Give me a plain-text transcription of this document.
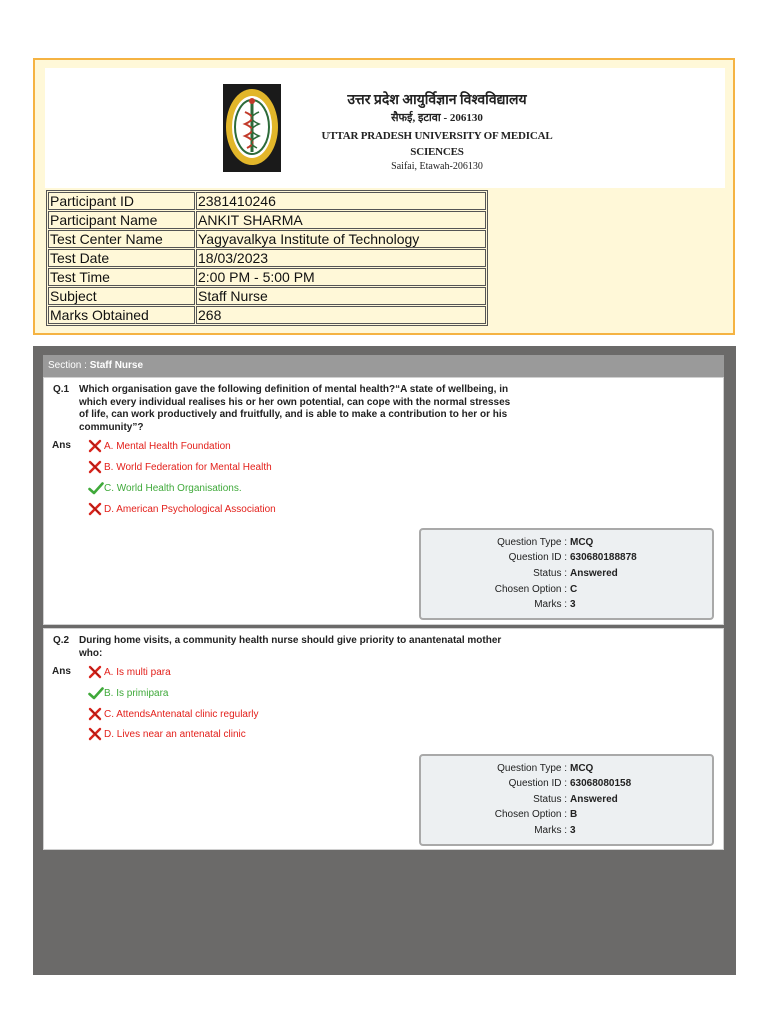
उत्तर प्रदेश आयुर्विज्ञान विश्वविद्यालय
सैफई, इटावा - 206130
UTTAR PRADESH UNIVERSITY OF MEDICAL SCIENCES
Saifai, Etawah-206130
Participant ID	2381410246
Participant Name	ANKIT SHARMA
Test Center Name	Yagyavalkya Institute of Technology
Test Date	18/03/2023
Test Time	2:00 PM - 5:00 PM
Subject	Staff Nurse
Marks Obtained	268
Section : Staff Nurse
Q.1 Which organisation gave the following definition of mental health?“A state of wellbeing, in which every individual realises his or her own potential, can cope with the normal stresses of life, can work productively and fruitfully, and is able to make a contribution to her or his community”?
Ans	A. Mental Health Foundation
B. World Federation for Mental Health
C. World Health Organisations.
D. American Psychological Association
Question Type : MCQ
Question ID : 630680188878
Status : Answered
Chosen Option : C
Marks : 3
Q.2 During home visits, a community health nurse should give priority to anantenatal mother who:
Ans	A. Is multi para
B. Is primipara
C. AttendsAntenatal clinic regularly
D. Lives near an antenatal clinic
Question Type : MCQ
Question ID : 63068080158
Status : Answered
Chosen Option : B
Marks : 3
